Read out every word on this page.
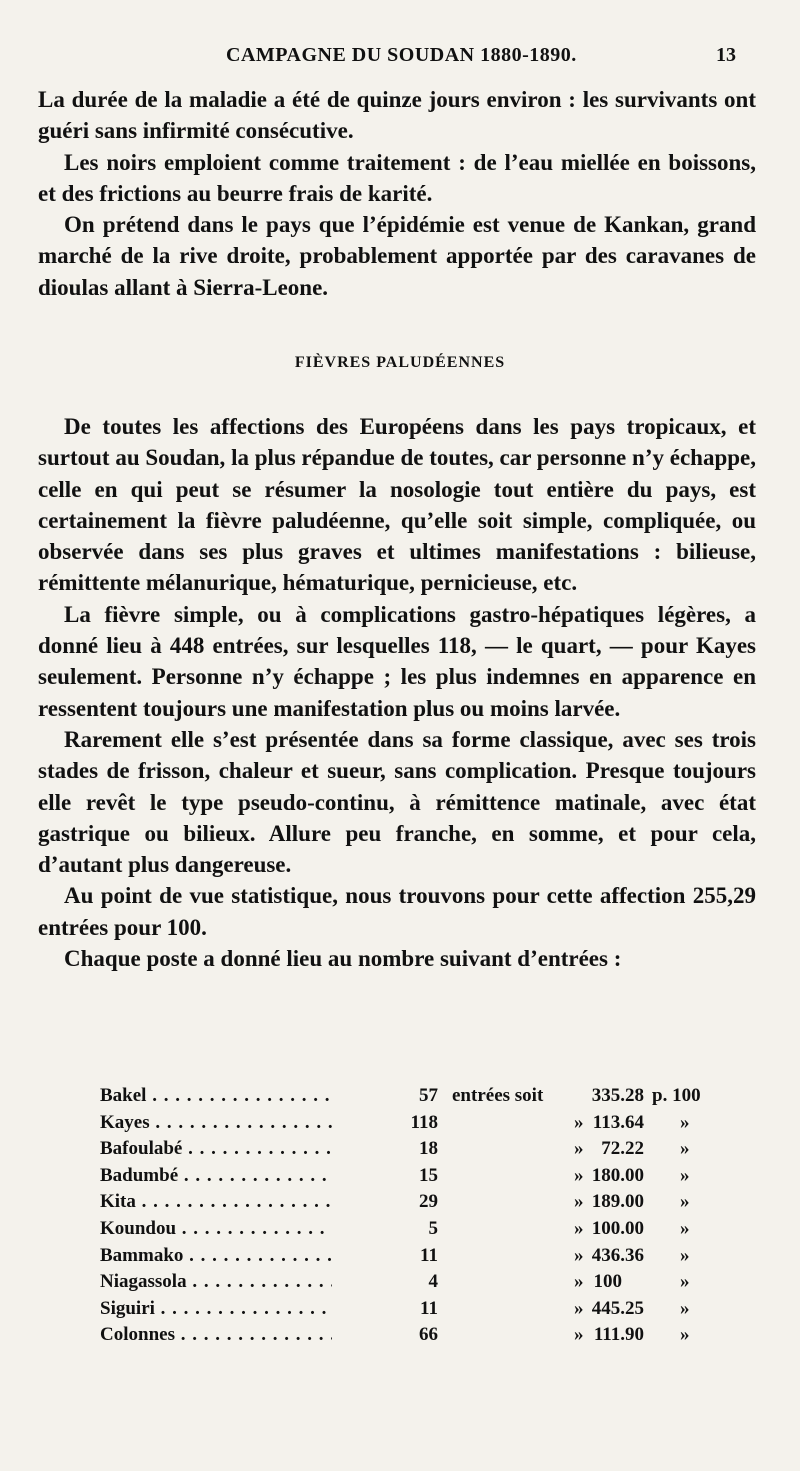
CAMPAGNE DU SOUDAN 1880-1890.	13

La durée de la maladie a été de quinze jours environ : les survivants ont guéri sans infirmité consécutive.

Les noirs emploient comme traitement : de l’eau miellée en boissons, et des frictions au beurre frais de karité.

On prétend dans le pays que l’épidémie est venue de Kankan, grand marché de la rive droite, probablement apportée par des caravanes de dioulas allant à Sierra-Leone.

FIÈVRES PALUDÉENNES

De toutes les affections des Européens dans les pays tropicaux, et surtout au Soudan, la plus répandue de toutes, car personne n’y échappe, celle en qui peut se résumer la nosologie tout entière du pays, est certainement la fièvre paludéenne, qu’elle soit simple, compliquée, ou observée dans ses plus graves et ultimes manifestations : bilieuse, rémittente mélanurique, hématurique, pernicieuse, etc.

La fièvre simple, ou à complications gastro-hépatiques légères, a donné lieu à 448 entrées, sur lesquelles 118, — le quart, — pour Kayes seulement. Personne n’y échappe ; les plus indemnes en apparence en ressentent toujours une manifestation plus ou moins larvée.

Rarement elle s’est présentée dans sa forme classique, avec ses trois stades de frisson, chaleur et sueur, sans complication. Presque toujours elle revêt le type pseudo-continu, à rémittence matinale, avec état gastrique ou bilieux. Allure peu franche, en somme, et pour cela, d’autant plus dangereuse.

Au point de vue statistique, nous trouvons pour cette affection 255,29 entrées pour 100.

Chaque poste a donné lieu au nombre suivant d’entrées :

Bakel . . .	57 entrées soit	335.28 p. 100
Kayes . . .	118	» 113.64 »
Bafoulabé . . .	18	» 72.22 »
Badumbé . . .	15	» 180.00 »
Kita . . .	29	» 189.00 »
Koundou . . .	5	» 100.00 »
Bammako . . .	11	» 436.36 »
Niagassola . . .	4	» 100	»
Siguiri . . .	11	» 445.25 »
Colonnes . . .	66	» 111.90 »
